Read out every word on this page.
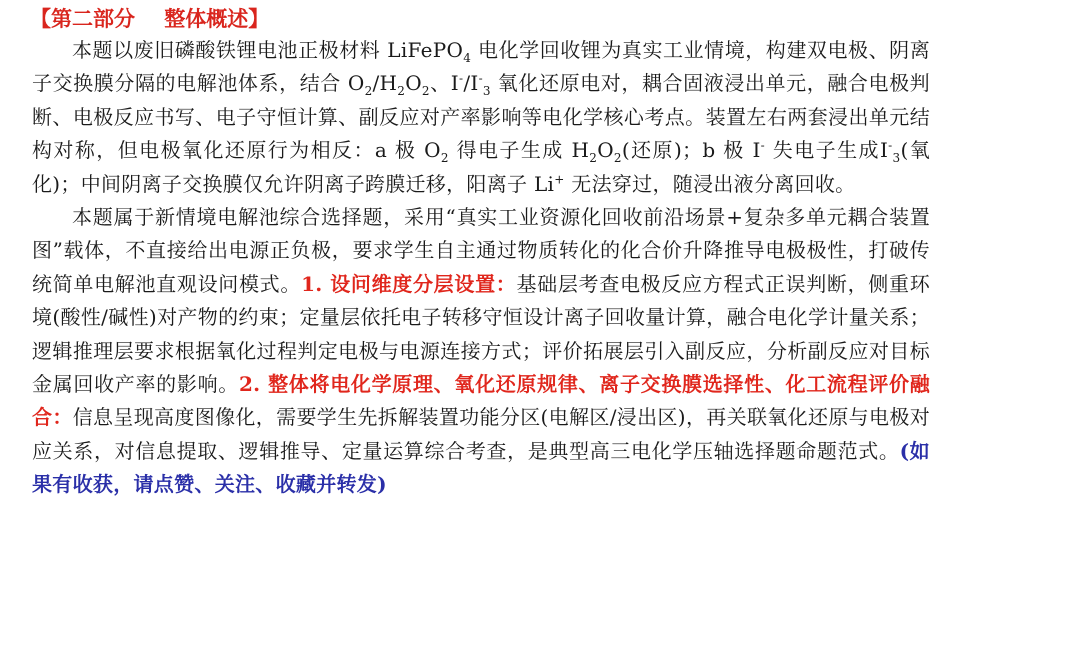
【第二部分    整体概述】

本题以废旧磷酸铁锂电池正极材料 LiFePO$_4$ 电化学回收锂为真实工业情境，构建双电极、阴离子交换膜分隔的电解池体系，结合 $O_2/H_2O_2$、$I^-/I^-_3$ 氧化还原电对，耦合固液浸出单元，融合电极判断、电极反应书写、电子守恒计算、副反应对产率影响等电化学核心考点。装置左右两套浸出单元结构对称，但电极氧化还原行为相反：a 极 $O_2$ 得电子生成 $H_2O_2$(还原)；b 极 I- 失电子生成$I^-_3$(氧化)；中间阴离子交换膜仅允许阴离子跨膜迁移，阳离子 Li+ 无法穿过，随浸出液分离回收。

本题属于新情境电解池综合选择题，采用“真实工业资源化回收前沿场景+复杂多单元耦合装置图”载体，不直接给出电源正负极，要求学生自主通过物质转化的化合价升降推导电极极性，打破传统简单电解池直观设问模式。1. 设问维度分层设置：基础层考查电极反应方程式正误判断，侧重环境(酸性/碱性)对产物的约束；定量层依托电子转移守恒设计离子回收量计算，融合电化学计量关系；逻辑推理层要求根据氧化过程判定电极与电源连接方式；评价拓展层引入副反应，分析副反应对目标金属回收产率的影响。2. 整体将电化学原理、氧化还原规律、离子交换膜选择性、化工流程评价融合：信息呈现高度图像化，需要学生先拆解装置功能分区(电解区/浸出区)，再关联氧化还原与电极对应关系，对信息提取、逻辑推导、定量运算综合考查，是典型高三电化学压轴选择题命题范式。(如果有收获，请点赞、关注、收藏并转发)
